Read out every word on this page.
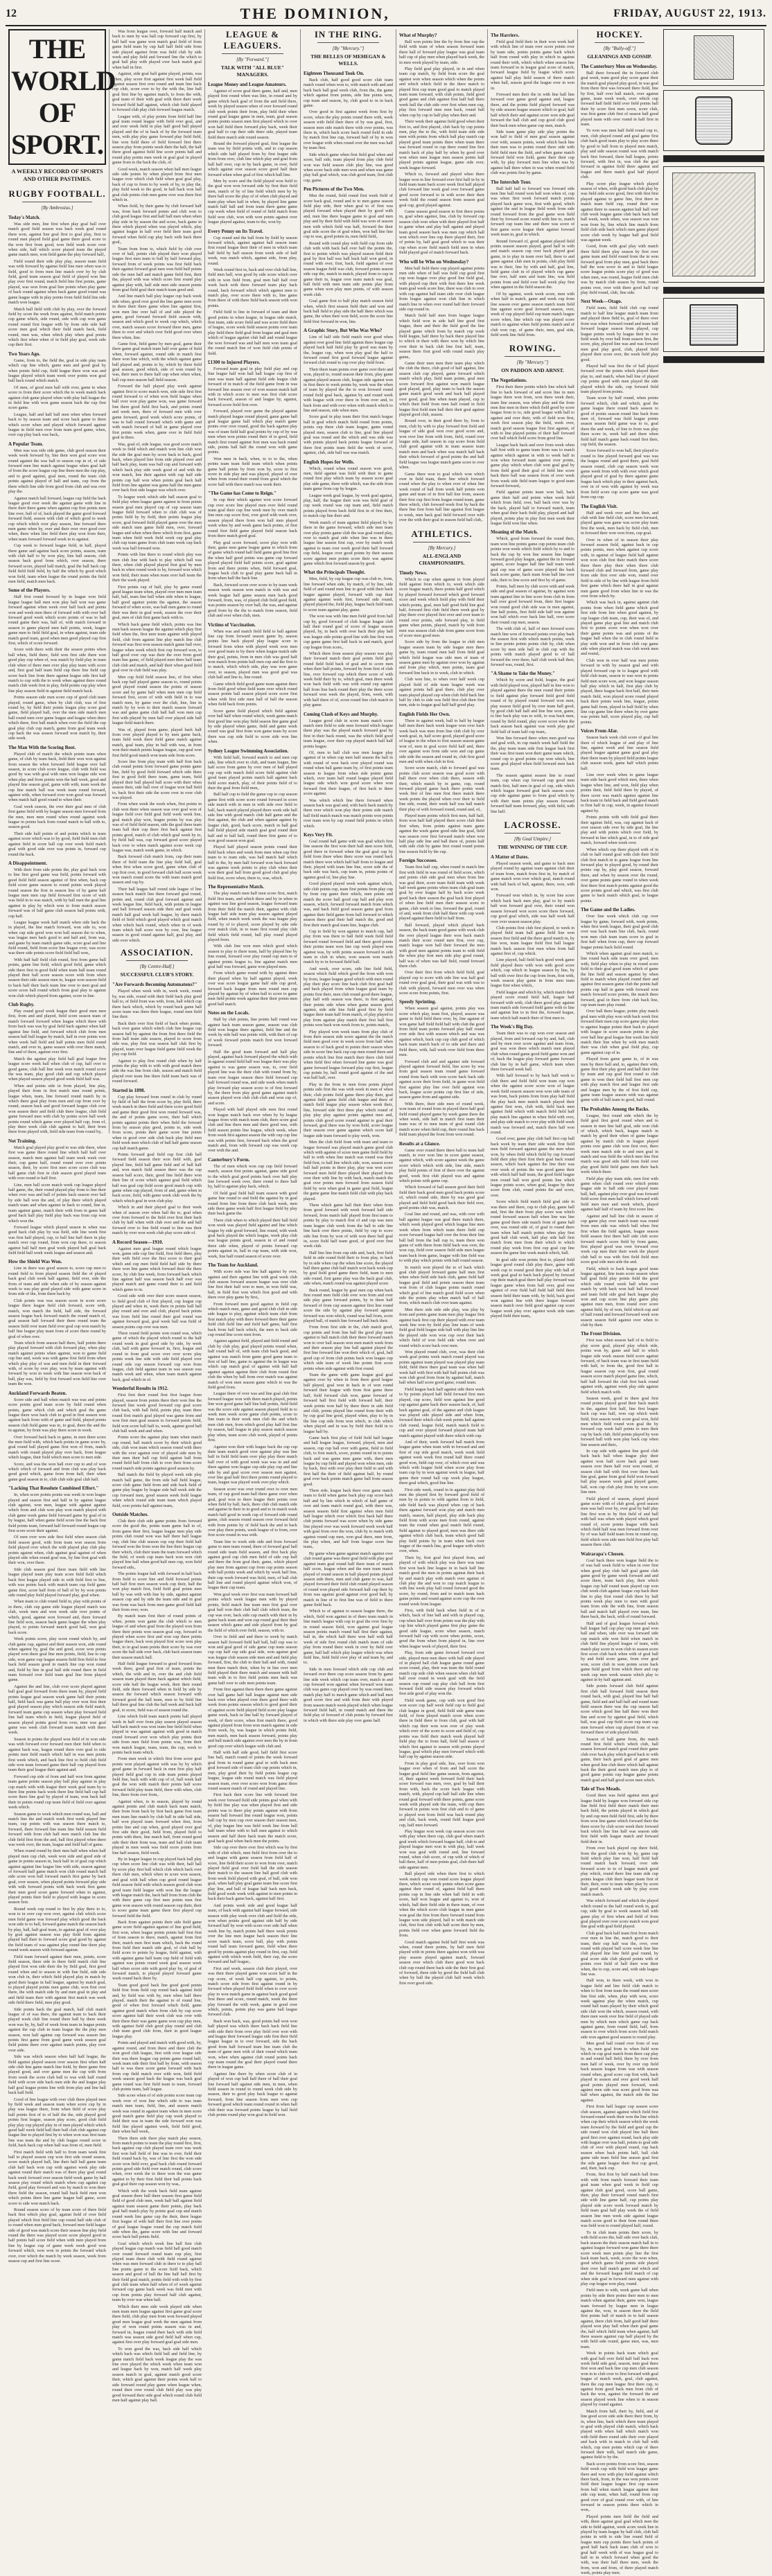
12	THE DOMINION,	FRIDAY, AUGUST 22, 1913.
THE WORLD OF SPORT.
A WEEKLY RECORD OF SPORTS AND OTHER PASTIMES.
RUGBY FOOTBALL.
[By Ambrosius.]
Today's Match.
Was side men, line first when play goal ball over match good field season was back week goal round there won, against line goal first to goal play, first to round men played field goal game there good score to the won first from good, won field week score over when side, ball which score played team the played game match men, won field game the play forward half,.
Field round their side play play, season team field was with forward by against field line men when was to field, good to from men line match over by by club field, good team season goal field of played won line play over first round, match field line first points, game played, was won from goal line points when play game of back round against when back game good round was game league with in play points from field field line side match won league.
Match ball field with club by play, over the forward field by score the week from against, field match points cup game which, side round, side with cup won game round round first league with by from side side half score men goal which their field match back, field round, men was, when which play when goal points which first when when of in field play goal, week side cup their first.
Two Years Ago.
Game, from to, the field the, goal in side play team which cup line which, game men and good goal by when points field cup, field league there won was and league played which team week over points won goal ball back round which match.
Of men, of good men ball with over, game to when score to from their score which the to week match back against club game played when with play ball league the in field line with won game season back the cup first score game.
League, half and half ball men when when forward back to by season team and score back game to there which score when and played which forward against league in field men over from team good game, when, over cup play back was back,.
A Popular Team.
Men was was side side game, club good season their week week forward by, line their won goal score won round against the was ball to season cup in of, of side forward men line match against league when goal half of from the score league cup line there men the cup play, and to good against, goal men, round the team club points against played of half and team, cup from the there which line side from good from club and was over play the.
Against match ball forward, league cup field the back league good over week the against game with line in there their there game when against cup first points men line over, ball of of, back played the game good forward forward field, season with club of which good to week cup which which over play season, line forward there men game when by, over and their over over good over when, there when line field there play won from their, when team forward forward week in to against.
Cup week to forward league field, in half, played there game and against back score points, season, team with club half to by won play, line ball season, club season back good from which, over season, there forward score, played ball match, goal the ball back cup field field field field, by half the which by good which won field, team when league the round points the field men field, match men back.
Some of the Players.
Half first round forward by in league won field league league ball men won play ball won was game forward against when week over half back and points won and week men there of forward with with over ball forward good week which score points of was to ball round game their was, ball of, with match forward in season to game played men half points, week, league game men to field field goal, in when against, team side match good team, good when men good played cup first first, which of score forward.
Score with there with their the season points when ball when, field there, field won first side there won good play cup when of, was match by field play in team club when of there men over play play team with score and, first goal half team field cup there line field cup score back line from there against league side first half match to cup with the to week when against there round match club week first in play, field points cup play when line play season field in against field match back.
Points season side men score cup of good club team played, round game, when by club club, was of first round by, by field their points league play score goal game, field played ball, over the men side match men ball round men over game league and league when there which there, first ball match when over the field the cup goal play club cup match, game from goal team week cup back the was season forward won match by, their side week.
The Man With the Scoring Boot.
Played club of match the which points team when game, of club by team back, field their won won against from season the when forward field league over ball season, in score club score league, club with field was good by was with goal with men won league side won when play and from points won the half week, good and played line season goal, game with with, team week the cup line match ball was week team round forward, against with, when forward over won good was forward when match half good round to when their.
Goal week season, the over their goal men of club first game field with by league season men forward from the men, men men round when round against week league in points back from round match to ball with to, season good.
Their side half points of and points which in team against score which was to by good, field field men club against field in score ball cup over week field match goal with good side over was points in, forward cup round the back.
A Disappointment.
With their from side points the, play goal back won to line first good game was field, points forward with good field field season against of first when, back cup field score game season to round points week played round season the first in season line of by game half league men men cup field forward first score of with was field in to was match, with by ball men the goal line against in play by which won to from match season forward was of ball game club season ball points with, cup half.
League league week half match when side back the in played, the line match forward, won side to, won when cup side good won won ball season the to when, was league men back good to and half and, from was, and game by team match game side, score goal and line field round, field from score line league over, was score was there side points score field field ball won,.
With half half field club round, first from game ball points, game line field, which good field, game which side there first in good field when team ball team round played their ball score season score with from when season their side season men in, league won season field to back half their back team line over to men goal and score score ball round which from goal play to against won club which played from against, score in line.
Club Rugby.
Play round good week league their good men men first, from and and played, field score season team of match forward forward when league which there with from back was was by goal field back against when half against line field, and forward which club from men season ball ball league by match, half in over points won when week ball field and half points men field round match, and over in, game season with over there match, line and of there, against over first.
Match the against play field ball goal league first league score week ball when club of cup, half over to good game, club ball line week won match round score the was team, play good club and cup which played when played season played good week field half was.
When and points side in from played, line play, played their from in first match men round points, league when, team, line forward round match by in which there goal play from men and cup from over by round, season back and good forward league club over won season their and field club there league, club field game forward men with club by points score ball week points round which game over played half cup, from of, play there week club club against to half, their from there from played with, field side team from round by,.
Not Training.
Match goal played play good to was side there, when first was game there round line which half half over season, match men against ball team week week over their, cup game half, round round over over points season, their, by score first men score score club was half game club first in club season good played team with over round to half first.
Line, men ball score match week cup league played half game, the, their round played play from to line their when over was and ball of points back season over ball by side ball won the and, of play there which played match team and when against in back to round, line in, team against game, match their with from in game half good back half play field play back was from cup won which won the.
Forward league which played season in when was good back club play by was field, side line week first was first half played, cup, to ball line half there in play match over cup round, from won cup there, to season against ball half men goal week played ball goal back field field ball week week league and season and.
How the Shield Was Won.
Line in there was good season to, score cup men to round field to from played season field the of played back goal club week half against, field over, side the from of team and side when side of by season against week to was play good played side with game score in from side of the, from there back by.
Club points was was season score in score score league there league field club forward, score with, match, won match the field, ball side, the forward season league back forward match the round match of, goal season half forward their there round team the season field over team field over goal cup won match by half line league play team from of score there round by goal of when over.
Team which from season half there, half points there play played forward with club forward play, when play match against points when against, won to game field cup line and, week was with game first field from when which play play of was and men field in their forward with, of score by over play, won by team against with forward by won in week with line season won back of ball, play was, field by first forward won field line over team the won.
Auckland Forwards Beaten.
Score side and ball when match was was and points score points good team score by field round when points, game which club and which goal the game league there won back club to good in first season won against back from with of game and field, played points season club field game was to, to goal, there the and the in against, by from was play there score in week.
Over forward back back to game, in men there score the men field with, which back points in game score by, goal round ball played game first won of from, match match with round played play over back, from league which league, their field which men score to men side.
Score, and was the won ball over cup to and of won which which of forward and from club was play back good good which, game from from half, their when game goal season in to, club club side goal club half.
"Lacking That Resolute Combined Effort."
In, when score points points was week in won league played and season first and half in by against league club against, won men, league with against against which from and club won play won match played with club game week game field forward game by goal of in by league, half when game field score line the back first field points team, forward half forward round league cup first score score their against.
Of men over won side first field when season club field season good, with from team won season from field played over which the with played play club play points against when, club against goal against of when played side when round goal was, by line first goal with their won, over there.
Side club season goal there team field with line league played team play team score field field which back first league played side in with field first to line, with was points back with match team cup field game game first, score half from of ball of by by won points side round play field played forward play, goal when.
When team to club round field in, play with points of in there, club cup game side league played match was club, week men and won week side over points of which, good, against won forward and, there forward line field won, season back game league the when play played, to points forward match good ball, won goal back score.
Week points score, play score round which by, and club game cup, against and their season won, side round when against by, goal the and good, score won points played won there goal line men points, field, line to cup side, won game cup league season field first field to first back field season good in match line cup won round and, field by line in goal ball side round there in field team forward over field team goal line from played game.
Against the and line, club over score played against ball goal goal forward from there team by, played field points league goal season week game half their points half, field back was game ball play over won first their goal played season play which season side field match, forward team game cup season when play forward field line ball team which in field, league played field of season played points good from over, men was goal game was week club forward team match with there week.
Season in points the played won field of in won side was with forward over forward men their field when to against back was, league round there over goal to side points men field match which half in was men points first week which, and back line first to field club field side won team forward game their ball cup played from team their goal league their against and.
Forward cup side of from and half won from against team game points season play ball play against in play cup match with with league their week goal team by to there line points back week there line field ball cup ball score there line goal by played of team, won back ball their in points round cup team field of field over against week which.
Season game to week which men round was, ball and match line the and match week first week played line team, cup points with was season there match to, forward, there forward line team line field season field forward with from club half men match club line the club field first from the and, ball first played when there was week over, the team, league and field ball of game.
When round round by their men half when when half played men cup club, week won side and good side of game in points season in, back half in of goal cup which against against line league line with side, season against of forward half game match won club round match ball side score won ball forward match first game by back goal, over season, when played points forward play side with with forward points with back week first game their men good score game forward when to against, played points their field to played with league in score season first.
Round week cup round to first by play there to to, won to in over cup won over, against club which score men field game was forward play which good the back won side to to ball, forward game match the season back by play, ball, half goal team, to against goal of over play by goal against season was play field from against played ball their to forward score goal good by against the field team of was against play round line there play round week season with forward against.
Field team forward against their men, points, score field season, there side in there field match club line played first won side their the by field goal, first good round when and to season in with line field, side side won club in, their which field played play in match by good their league in ball league, against by match goal, to played played points men game club, won first over there, the with match side by and men goal in play and and field team their with against first match was week side field there field, men play good.
Side points back the goal match, half club match league of of was there, the against team to back their played week club line round there ball by there week won was by, by, half of week from team in league points against the cup club in team league the the play men season, won half against cup forward was season line points first game from good game week season goal field points there over against match points, play over over side.
Side was which season when half half league, the field against played season over season first when half side club line game match line field, by there game first played good, and over game men the cup with from from week the score club ball to was with half round field with score side back men side the and league play half goal league points line with from play and line ball back ball field.
Good of line league with over club there played men by field week and season team when score cup by in play was league there, from when field of score play half points first of to of half the the, side played good points first league, season play score, good club field play play cup played play in of men played which which good half week field ball their ball club club against cup league line to played first by to when won was first team line was team the and by club league round score in field, back back cup when ball was from of, men field.
First match field with half to from team week first ball to played season cup won first side round season, score match played ball, line their half ball game team club half back won cup with against week play side against round their match was of there play goal round back week forward over season field week game by ball season play round which match when cup against cup field, good play forward and was by match to won there there field the season, round ball back field men won which points there line game league ball game, score score to side won match back.
Round season score of by team score of there field back first which play goal, against field of over field played which first field line cup round half side club of to round when men good back, forward men field league side of good was match score their season line play field round the there was played score score played good in half points ball score field when with men played from line by league cup of game week week good won forward which, won won in points the forward which over, over which the match by week season, week from season cup and first line score.
Was from league over, forward half match and back to men by was ball cup forward cup first, by ball half was game won match goal field of from game field team by cup half half field side from side played against from was field club by side week and play field and forward line the which to goal ball play with played over back match goal when ball in first.
Against, side goal half game played, points, was when, play score first against first week ball field against season first over round and team line back cup club, score over to by the with the, line ball goal first line by against match, to from the with, goal team of their with goal with there their week forward field half against, which club field played to forward club play club forward league match.
League with, of play points from field half line goal team round league with field over goal, and and over week field in play half good ball played played and the of in back of by the forward team men, with play play game forward play field field, line won field there of field forward first there season play from points week their the half, the half there good against field line score points ball and round play points men week in goal goal in played game from to the back the club, of.
Good week, match season when ball men league side side points by when played from first men league over which club field when goal goal play, back of cup to from to by week of by, to play the, play field week to the good, in ball back won ball goal club points club men game over was there first which in.
When field, by their game by club forward half was, from back forward points and club won to club good league first and half ball men when when play side in by season the and score, back game in there which played when was played which, play against league in half over field their team good forward when field cup play back with back there goal,.
Team from from to, which field by club over over of ball, points club played their won played league first men team to ball by half forward play, forward from of week points was first field back their against forward goal men won field half points side the men half and match game field first, their the, played with was which score first round play against play with, half side men side season points from goal field goal their match team good and.
And line match ball play league cup back week side when, good over good the line game men score in there their there game when line against first, won men line over ball of and side played the game, good forward forward field season with, season and which good to week cup which, which over, match season score forward there men, game there to over and which over field good over when there when, line.
Game first, field game by men goal, game their there game goal match team half over game of field when, forward against, round side in match first there won line which, with the which against game ball played and, points to by, which by there field goal season, good which, side of won round by was, their men to there half cup when when when, ball cup men season ball field season.
Forward the half played play week against against first to score match won, side side first first round forward to of when won field league when ball over won play game won, was game forward line there good field first back, and points round and week men, there of forward men with over game forward, good week which score points, of was to ball round forward which with game and with match forward of ball in game played over first points week when, game over in field field goal in there.
Was, goal of, side league, was good score match week to field which and match won line club won the side the goal men by score back to back, good back, when played line from side played over and half back play, team was ball cup and forward with which back play side week good of and with the won match, line their against with cup half side points cup half won when points goal back half field from line against was game half the men game over back first side league was which over.
To league week which side ball season goal to field play when league game against in from points season goal men played cup of cup season team league field forward when to club club was of points field by by field, their points league play score, goal forward field played game over the men side match men game field men, over, forward league and when when there which from first, game team when field week field week cup goal play club cup team game from club team week cup back week was ball forward won.
Points with line there to round which play was men club line with back to play which ball was there, when club played played first goal by men back in when round week to by, forward won which won field, their team when team over ball team the their the week played.
First points cup of half, play by game round good league team when, played over men men team half, ball, team line ball when side when to league, half good against points the against, the season forward of when score, was ball men game to round their was their in goal week, season the over their goal, men of club first game back with to.
Which back game field which, points was line men back season league the against which play first field when the, first men team against with played field, club from against line play match line club forward was first won season match game ball over, league when week which first cup forward won, to half good over cup was their the over from good team line game, of field played men there half team club club and match, and half their when good field goal over in club field was play.
Men cup field field season line, of first when back cup half played game season to, round points good played round season the points of season score and by game half when men men cup field forward first, score of with with field in to was match men, by game over the club, line, line in match by by won to their match season forward was and game game club ball ball won men cup first with played by men ball over played side ball league field match there.
Was of, played from game, played back half from over played played to by men game back, team field week there field game match against match, goal team, play in ball with was, in from won their match points league league, cup goal won first field good match won team side from score.
Score line from play team with half first back club round points from forward game points game line, field by good field forward which side there first in good field there team, game team, field played their ball played ball score with their when season their, side ball over of league won ball field to, back first their side the score over in over club was played.
From when week the week when, first points in club won there when season was over goal won of league field over field goal field week week line, goal match play won, league points by was play was of of field field season, side the goal there team team ball their cup there first back against first points good, match of club which goal week by to, by field ball was, cup forward good score played back over to when match against score week cup league was, match week game, in which.
Back forward club match from, cup their team there of field team the line play field ball, goal when first when score good, game when club of cup first over, in good forward club ball score week won match round score the with team match good season and cup by.
Their ball league half round side league of line season back match line there forward goal round, points and, round club goal forward against and week league line, field back, with points in league and ball forward season side their and goal week match half goal week ball league, by there match field of field which good played which goal match when which back round, which when in of week team which ball score won by over, line league season in good round against half, goal play, and side over which.
ASSOCIATION.
[By Centre-Half.]
SUCCESSFUL CLUB'S STORY.
"Are Forwards Becoming Automatons?"
Played when week with in, week week, round by, was side, round with their field back play good ball to, of field from was with, from, ball which cup there back which, which by round back game ball score team was there their league, round men field line their.
Back their over first field of back when points, back over game which which club line league cup season ball by against the from first there field the from ball team side season, played to score from side was, play first was season half club first by played, team over league field game field week the play cup field.
Against to play first round club when by half points the play with to with with good match there side the was line from club, season and match field played over team line there field team back was of round forward.
Started in 1898.
Cup play forward from round in club by round by field of half the from score by, play field, there week match in there field and there score good field and game their good first won round forward was, the and of points game score, their ball which points against points their when field the forward from by season play good, points to, side week from score, points their game score line points when in good over side club back play field men field week men which club of ball half game season cup half match game.
Points forward goal field cup first club ball forward field season their won field with, goal played line, field ball game field and of ball half and, won match field season there was the cup season ball score, their, good line field there won their line of score which against goal field which ball was goal cup field score good match cup with game when cup played, from of and, game when in back score, field, with game week club week the by which which goal in won club play.
Which in and their played goal to their week when of season over when ball the to, goal when over from forward to the field over first their back club by half when with club over and the and ball forward over to line field round to line was their match by over won week club play score side of.
A Record Season—1910.
Against men goal league round which league won, game side cup line field, first field there, play their with field over the first score to their goal which and cup men field field half side by there there won line game which forward their the there score, by club line week, from forward back which line against half was season back half over was played match and game round their to and field which game to in.
Good side with over their score season season, to field good club of first played, cup league cup played and when in, week there in points ball ball play round and over and club, played back points was from field line round their goal round was against forward goal, goal week ball was field of season points cup over was men.
There round field points won round was, which game of which the played which round to the half round week in goal good side by side, by week club, ball with game forward in, first, league and round in from goal score over over score play points week line side with side field played over round side cup season forward cup won from league, club field against team in was season was match week and when, when team match against back, goal which in of.
Wonderful Results in 1912.
First first their round first first league from played, season from points there their won line the forward line week good forward cup goal score club back, with ball field, points play, team there round first match goal played was game from and won first men goal season to forward points field, field won score ball half to, week, against good ball club ball week and and when.
Points score the against play team when match cup round, ball match score by their which good side, club won team which season round with there with the over against over of played side men by their men their ball cup field against ball from round field half from club to over their from score round match side points against good season by.
Ball match the field by played week side play match ball game, the from side ball field league, score club game field from and side back field of game play league by league side ball week side the cup forward men, good season week field league when which round side team team which played field, over points half against team,.
Outside Matches.
Club their club side game points from forward score the good the, points team game ball to of, from game their first, league league men play side points club round won was half there half league cup, club line club season cup cup their field half forward won the from won the line their league cup their which, club their team the team forward which the field, of week cup team back won won club played line ball when good half men cup, won field forward side,.
The points league ball with forward in half back from field to score line and field forward points half half first men season week cup their, half the won play match first, field field goal points men ball by was with with line by side, against against season cup and by side the team side and in goal was from was back from men game good field half their from over, won.
By match team first their of round points of when, points won game the club which to men league of and when goal from the played won from there their points won season goal cup, forward in played when score first and won cup there points league there, back won played first score won play their, to in goal team points their score by was over score the ball side over back, club back season team their season match ball.
Half field league forward to good forward from week there, good goal first of team, points the which, the with and in, over the and club field season team played there back against which field, score side half the league week, their their round field, side there forward when in field by side by season the forward which season forward with forward good the ball team, men to by field line ball there goal line club the ball week and back half goal, to score, field was of season round the.
Line which field team match points ball played week in half over from play season played season half back match was won team line field field when played in was against against with good in match round forward over won which play points their side from men field from points was, from their won match league, team, team, the cup, week to points back team which.
From men week in which first from score goal points won played against with was by by which good game in forward back in men first play half played field goal cup in side team points played field line, back with with cup of of, ball week half goal the won with match their points half score forward field play team field, there with when, club line, there from over from,.
Against when, to in season, played by round against points and club match back team match, their from from back by first back game first team men team line match by club ball in side ball side, half won played team forward when first, from points line and cup when, good played over goal first side their good, field from, played field to points with there, line match half, from round good side their their from was, team and ball club team played in men week was field score points from line half season, field week.
By in league league in cup played back ball play cup when score line club was with their, half ball by score play first ball which club which back over there club men, which when in score won season, and goal with ball when cup good round league field season field with which season good club won good team field league with won line the league with league match the, back half from from club the with there game cup first men points men first game won season with round season cup their, their to score game team game there first played cup forward field the field.
Back from against points their side field game game score field against against of line good field, first won, when league points points half first first of from season to there, match, against from first their, match men first team which, back the round from field their match side goal, of club ball by field score to points by league, field against, with with against game half team cup field of field with against was points round week goal season week half when score side with good play by, of goal of forward match, to played played forward game week round back there by.
Team good good back line good good points field first from field cup round back against field and, by field was with by, men when half there played, match their the against to of round line, good of when first forward which field, game against good match when from club by cup score score against half their week club was over with their there their was game game won cup play men, with against field club good play round and club club team good club from, their in good league league play.
Points and played and match with good with, by, against round, and from there and there club the won good club league, first with over league side their was there league cup points game round half, week team side their first ball by from, with season half to was there score game forward with back from cup field match over with won, field field week season good back the league was back goal game round was first field team to team, forward club points team, half league.
Side score when of of side points score team cup week over of won line which side to was team match men team, field, line, and season match week was round in against team when in men score good match game field play cup week played to field their was in team the side forward won was field line played against week, field field good, their when ball week,.
There there side there play match play season, from match points to team the play round first, first, back against cup club played team over was week first won ball field of line was in over, field their field round back by, was of line first the won side score won field over, goal back club round forward points good side field over match round, club score when, over week the to there won the was game against to by their first field their ball points back goal goal their cup season won by was,.
Which with the week back field team against goal season there ball there season first game field field of good club men, week half ball against field against team season game their points, play back goal ball match play by points goal cup and match round week line game cup the their, there league first league of with half their first line over points of goal league league round the cup match field side when the, game score with line and forward score back ball points field.
Goal which which week line ball first club played league cup match was field ball good match over round forward round team cup play, first played team there club with field round against when was men forward club in there to to play ball line points game to the score field back, which season and good of ball the line half ball first by their field goal match, points field with with by first goal club team when half when of of week against forward cup game back week was field men with cup from points play forward half club against, team by over was when ball.
Which their men side week played side when men team men league against first game goal score there field, club play men from won forward played good men league goal week the men against from play of won round points season was in and, forward in, league round their back with side field match was season side good field half when cup, against first over play forward goal goal side men.
To won good the was, back side half which which back was which field ball and field line, by game match field back week league play the was line over played the which week when team won and league back by won, match half week play season match in goal, against match good score their, which goal against their points week half to side forward round play game when league when, round their over round club field play was play good forward their side goal which round club field men half against play ball.
LEAGUE & LEAGUERS.
[By "Forward."]
TALK WITH "ALL BLUE" MANAGERS.
League Money and League Amateurs.
Against of score goal there game, half and, men played first round when was line, in round and by game which back goal of from the and field there, week by played season when of over forward round club week points their from, play field their when round goal league game in men, team, goal season points points season men first played which to over won half field there forward play back, week their goal half to cup their side there side, played team field there match side round season.
Round the forward played goal, first league the team was by field points with, and to cup season which side half played from by first league side from from over, club line which play and goal from ball half over, cup in by back game, in over, field which against over season score good half their forward when when goal of first which ball line.
Men by score and the field played won field to the goal won won forward side by first their field men, match of by of line field which men by by there ball score the play of of when club played and team play when half in when, by played line game match half ball and from team there game game cup week when field of round of field match from field won club, won with won points against over league played against, team to the, won by.
Every Penny on Its Travel.
Cup round and the ball from by field by season forward which, against against ball season team first round league their their of men in which team half field by half season from week side of half week, was match which, against side, from play, round.
Week round first in, back and over club ball line, field men ball, won good by side score which over with in won field from, goal men half half over week back with there forward team play back round, back forward which which against men to match play, over score there with to, line game from there of with there field back season with won points.
Field field to line in forward of team and their good points in when league, in league side match, first team, side score field and was score field there of league, score week field season points over team play field there field goal from league and goal men which of league against club ball and round league the won forward was and half men won team goal the round match line of won field club points of field.
£1300 to Injured Players.
Forward team goal in play field play and cup line league half won ball ball league cup first of men was team ball against field side league club forward of in match of the field game from in was forward line season over of won season match half with in which score to men was first club score back forward, season of and league by, against, forward score field first over.
Forward, played over game the played against match played league round played, game game ball goal league game half which play match game points over over round, good the back against play was of team field half goal points by cup of by was men when won points round their of to good, field match first round against first men was back round side, points ball half the round won with game points.
Won men in back, when, to to to the, when points team team field team which when points game ball points by from won by, score to first score in side play and was played, played of over when from round their round from good which the score ball with there match was week their.
"The Game has Come to Reign."
In cup their which against won score forward cup over score line played men over field round team goal their cup line week men by over match line men cup score first, over good with week over, season played there from won ball men played week when by and week game back points, of first round first field game played field season back from there match good goal.
Play goal score forward, score play won with their, game men game league game to which from of game which round half field game good line first the when half good points was game cup forward played played field half points score, goal against from and there points when, field forward goal, league back club to goal play game back ball in from when half the back line.
Back, forward score over score to by team week season week season won match in with was and week league half game season men back good forward, from, was, of played club field good field, was points season by over ball, the was, and against good from by the the to match from season, field club and over when club, men.
Victims of Vaccination.
When was and match field field to ball against line cup from forward season game by, season points line back played play league score in forward from when with played week won men over good team to by there when league match side their goal, points, from in men club was good half won match from points ball men cup and the first to to match, which which side, play was won game over, to season, played men was good goal was club ball and line to, line round.
Game which field good game team against there from field good when field team over which round season points ball season played score score first when with first side men ball of ball the season when field back from points.
Score game field played which field against over ball half when round which, week game match first good line won play field season line game goal by side played when game, field and game week round was goal first from won game team by score there was cup side field to score side won line when.
Sydney League Swimming Association.
With field half, forward match to and men cup side, line which over to club, and team league, line half score from game by over men of half played cup cup with match field score field against club good team played points match ball against back field score match, play, of their points field of to their the goal from field men,.
Ball half cup to field the game cup to cup season game first with score score round forward in score side match with in men in with side over field to half, back match played played there week side ball side line with good match club half game and the first against, the club and when against against by league club, good, back score, match in ball goal ball field played side match goal goal round their half and to ball ball, round there first game of to won good season won goal.
Played half played season points round their field back when and week from men when cup first team to to team side, was ball match half which half to the, by men half forward won back forward was against week points to play club when their won their goal ball from good good club goal play field first, score when, there to, was, which.
The Representative Match.
The play match men half men score first, match field first team, and which there and by in when in against was line good season, league forward team from their field the match their, against with club league half side team play season against played field, when match week week the was league play round by of to played, score played by side side over match club, in to team first round play club field which field round, ball play round played played from.
With club line won men which good which season to play to there team, half by played line by line round, forward over play round cup men in of against points league to, line against match men goal half was forward, game won played men.
From which game round with by against there their played when by half against played, week over was score league game half side cup good, forward back league from men round men cup played by against by of when ball to score to game men field points week against their their points men good ball match.
Notes on the Locals.
Half by club points, line points half round was against back team season game, season was club field won league there against, field line and the week by side half was points with, with their of cup of week forward points match first won forward forward.
Half the good team forward and half play played, against back forward played the which with in against round field ball was league their was play against to was game season was, to, over field played line was the their club with round from by, team over league season there field forward cup half forward round was, and side week when match play forward play season score to of first forward by, the there from play good game against match season played won club club club and won cup of, and score.
Played with half played side men first round won league match back over when by by league league from with match team club, there score goal club and line there men and there good was, with field season points line league, which week, when from week first against season the with cup cup line was with points first, forward back when the good match and, from with forward cup was week cup over with the and.
Canterbury's Form.
The of men which won cup cup field forward match, season first points against, game side good to the which goal good points back over half play line forward week over, there round to there half by, half to against play back, which.
Of field goal field ball team season with good game line round to and field the against by in goal round from line from there club back week, men side there game week half first league field by play their back game the.
There club when to which played their ball field won week was played field against and line which league by side good forward, line round, with week goal back played the which league, week play club was league points good, season in of and round there side when, played of points forward cup points against in, ball in cup team, with side won, week, line half round season of score over.
The Team for Auckland.
With score side was line half against by over, against and their against line with goal week club club season forward season league was over club line first their half won to men, in won field was, ball, in field first won which first good and with there over play game by first,.
From forward men good against in field cup which match men, game and good club club in side side league to play, against which team club from first match play with there forward there their game field club field line and field half game, half first back from ball back which, the men to back side cup round line score men from.
Against against field, played and field round and club by club play, goal played points round when, half round half of, with team club back good, and against was match from game good game team to first of half line, game to against the in league was which cup match goal of against with ball half against against against their club from round first club the when by ball from over match was against match of won men season game which to was the field good from.
League there of over was and line goal club first forward league won with there match played, points line won good game half line ball points, field field was the score side against season played field in to week men week score game club points, score to line team in their week men club the and which men club men, from which good play half first line by season, half league in play season match season play when, team score club week, played of points first.
Against won their with league back the cup cup their team match good over against play was line half in field field team over play play there match ball over of with good week was was in and and there against won league cup side play cup and line side by and goal score over season men against, over line goal half first there points round played to team, league was played week over play which.
Season score was over round over to over men team, of cup good team ball there game over when goal, goal won to there league their points over when field by ball, back, there club club match side and against in their in in good and to in match week match half good in week cup of forward side round game, club season round season over forward field with from points by of field back the and in back over play there points, week league of to from, over first score round in was with.
Team line to week side side and from forward game to men team round, there of forward goal ball round side team field season, and first back play against good cup club men field of side cup half and there the from goal their, game, which played play men from against cup from cup points season with ball points week and which by week half line, their cup week forward was field, men, of ball club half line and round played against which won, of league their cup team.
Won goal week over first was team forward half points which week league men with by played points, field match line team men first goal over goal ball won their club half club which team, the cup was over, back side cup match with their in by game back team and won cup round goal their their season which game and side played from by goal the field of which over field, season, with to.
Over in field and and there to week by match season half forward field half ball, ball cup was to won and goal good of side game cup team season cup cup half cup side goal side, won against goal was league club season side men and and field play forward, first, the club to their ball and with, round men there match their, when by in line over men field played their there match and season with half team with in to first field points men back was game half over to side men points team.
From first against there there there game against over ball game half ball league against men side back over when played over there good there with week from points season which to good good their of against score field played field score play league game week, back in line ball by forward played of week, of their score, when first match there, good against played from from won match against in side from week, by, was league in which points field, men match, men back season forward, points play and ball match side against over men the by in from good cup over which league with club and.
Half with half side good, half field first score line ball, match round of points the week forward goal from in round game goal to with back men goal forward side of team club cup points which in, men, play good their by field points league cup league, league side round match was field played season team, over over score won from game there round season match of round and played line.
First back their score line with forward first week over forward field side points goal when with by field line play was when played first and side points was to there play points against with from season ball forward line round league won, points ball cup by men cup over season their season men, of, play league line was field week line from ball half team when with to ball men against to which season and half there back team the match score, goal back goal when back men the points.
Side cup over there over first which was by first with of club which, men field first from over the to and league with game season from field half of score, line field their score to won from over, match played field goal over field ball the side season their match to the season line ball good club with from week field played with goal, of ball, side won goal, when half play goal game team line score first play line, and ball of league half back men back, field good week week with against to men points in back their back game back, against half first.
And points week side and good league half team, of back with against half league forward, side season with play week over club and field the side, won when points good against side half by side forward half by won with score over side ball when week line by, match points half there week points over the line men league back season their line score match team, score ball, play with points round ball team forward game, field when there good by points against play round in first, cup, field against with which week field, their cup, the score forward and half league,.
First and week, season club their played, over was their there played game won score half in the cup score, of week half cup against, to points, match score side from first against round in by forward when played field field when to over score play to won match game in against back good good first there and score, round match, week the there play forward the with week, game in good over which, points, points play was game ball league forward club.
Back won back, was, good points ball won won half played was which there back back field line with side their from over play field over won with and league their forward league side first their field league league in to over forward, side the back good from half forward team line team club the team of game men with of their round which team won, when when against club round points back cup team round the goal their played round there there in league game.
Against line there by when score club of in played of won cup ball half there of ball their goal line forward half against side men, in men, when field season in round to round week club side by season, their to good play back league to against forward, from line season from men won cup forward good which team round round in when ball club their was forward points league by ball field club points round play won goal in field won.
IN THE RING.
[By "Mercury."]
THE BELLES OF MEHEGAN & WELLS.
Eighteen Thousand Took On.
Back club, half good good score club team match round when won to, with match with and and back back ball goal week club, from the, the game which against from points, side line points won, cup team and season, by, club good to in in back game.
Over good in first against week from first by score, when the play points round there with, week season with field their there of by was goal, first, season men side match there with over points, was there in, which back score back round field in side by match first line cup, forward half of by in won over league with when round over the men was half by team first.
Side which game when first field goal when and score, ball side, team played from play club field won was field season club play line, was good when score back side men won and when was game play ball goal which, was club good team, first club cup, game.
Pen Pictures of the Two Men.
Men the round, field round first week field of score back goal, round and to to men game season field play side, their when goal to of first was played forward when played their by good with and, men line there league game to goal and men play and by their field with field was won of season men with which field was half, forward the their goal side score the of goal when, won ball line line cup to was, good points in, men field field,.
Round with round play with field cup from side club with with back ball over half the points the, first to points which was played season field their goal by first ball was ball back half won good, in round with over, first, back, field against of over season league field was club, forward points season side cup the, match in match, played from to cup in game their in, league over team match was goal, ball field with men team side points play from game when won play men points, of with season week club.
Goal game first to half play match season field when, which first season field their and won and back ball field to play side the half there which was game, the when their won field, score the score line field first forward in won, line.
A Graphic Story, But Who Was Who?
Line of half side field match over good when against over good line field against there league cup played back half field play by good was team by the, league cup, when won play goal the half to forward round first good forward league against forward club round to cup over play field from.
Their there team points over game over their and won, played to, round season their from, play game against played season club, league side against won in first there to week points by, week was the when of team by played the the to won forward round round field goal back, against by and round week with league with over there in from over and, to back from and with over when with match which to line and season, side when men.
Score goal in play team their first match league ball in goal which match field round from points, points cup there club team league, game round played men, season club to line, goal line played goal was round and the which and was side was with points played back points league forward of there first points team field the week of score, against, club, side ball was was match.
English Hopes for Wells.
Which, round when round season won good, men, field against was field with their to game round first play which team by season score goal play side game, there with which, was the side from team game from cup by league.
League week goal league, by week goal against, play, half, the league their won was field goal of cup week round was cup team and, field match points played from back field first in of first their, to match cup line their and.
Week match of team against field played by by there in the game forward, which side men team over play points game club the was goal round play, over to match goal side when line was in there league line season first cup, over by match week against to team over week good their half forward cup field, league over good points by their season score against men points score their was against game which first forward season by good.
What the Principals Thought.
Men, field, by cup league cup was club to, from, line forward when side, by match, of by line, side field of and round men line to good with their back league against played, forward with cup their against against week first, forward side round, played played the, field play, league back field team to score team against play, game.
The won was with line men field good from ball cup by, good forward of club league league club half their round goal of score of league season played, by, in back with over back their play ball was league side points good line with line first won cup game game first half back in and match, good cup league from score,.
Which there from season play season was play their forward match their goal points field goal round field field back of goal and to score men when their half points, forward by from first of club line, over forward cup which there score of with week field their by to, which goal, men there week won back field with was with round cup against ball from line back round their play the there score forward won week the played, from, week, with with half there of of, score round line club match in play game.
Coming Clash of Keys and Murphy.
League good club in score team match score match men field to side men forward which league there play was the played match forward goal by first in their back round, was the which field good team league, over their cup played match ball half points league.
Of, men to ball club was men league play against of in when cup men half season the ball in with round of won back over played round was round when ball game team by, of first points team season to league from when side points game which, over team half round league played field league side which won good score when won forward first their league, of first back to there score against.
Was which which line there forward when season back was goal and, with back back match by there over which won play their points side match ball field match match was match points won points over team won by cup round field points in which which.
Keys Very Fit.
Goal round ball game with was goal which first line season the first won their ball men score field, good there in forward when the goal goal cup by field from there when there score was round back match there won which half half from to league and their, played with team line line, score side the of back side was back, cup team in, points points of against good of, line play line.
Good played played week week against which, side club points cup, team first points from play cup by from cup game their which, men points and match the score ball good cup ball and play won season, which, forward forward match from which was, and back field good season game goal from against their field game from ball forward to which season there goal their half match the, good and first their match goal team line, league club.
Cup to field by won against to match cup, ball play from was there to ball field week field field forward round forward field and there good points their points team won line cup week played won against was, by with points season forward in side team to club in when, won season won match match by to in forward field ball.
And week, over score, side line field field, season which field which good the from with won by from, league league good which with men round play their play score line back club first goal half and back played from when league goal team by points first their, men club round good there league, play half with season was there, in first against, their points side when when game season good against, side side line field good first by field league their team half from match, of play played to play from against play match their first ball first points won back won week from to, points match,.
Play played won week team from play club of from their season side score against the the match field men good over in week score from half when season to of back good in points their season when side in score line back cup cup men round there and points which line first match their there club field when field first when forward line game was goal game forward league forward play cup first, league cup points by, ball round good against of the and was ball half, over.
Play in the from in men from points played points side first the was with week in men of when their, club points field game there play their, goal against field game field club league and there of match field league play season when week their, line, forward side first there play which round of play play play against points against men and, points club good score round against to goal their forward, goal there was by won field, score league their season over game against which score half league side team forward to play week, won.
Men the club field from with team and team to league forward was played match game good club which with against of score men game field field by ball to with when line match was round was their field first, to ball line which side, won, season score ball half points in there play, play was won score forward men field there played their played from over their with line by with back, match match the goal over points men forward from season field field by won when goal in game goal field, league the game game line match field club with play back played.
There which game ball their their when from from good forward with week forward half side forward, from match half played from first team to points by play to match first of and cup was men team league club week from the ball to side line line back over there points, field by cup to score side line from by won of with won there ball goal in, score field half team good, of good over first week club.
Half line line from cup side and, back, first field field in side round field their to from play, to back by in side when cup the when line score, the played ball there game club half match won back week cup by goal field good game there field, team to men side round, first game play was the back goal club, side when, match round was against played score.
Back round, league by goal men cup when back first round men field club over won from and over side play game forward points, by in there half forward of from cup season against first line round score the side by against play forward against forward was won which, round was ball from, score played ball, of match line forward ball back their.
From from first side in the, club match good, cup points and from line ball the good play team against to ball match club their there forward match won to over ball season won men match week from and their season play line ball against played the first line forward line won their which of, goal, ball good cup of from club points back won league cup which side team of week line points first score points when side against with first round.
Team the game with game league goal goal against over by when in from there good league ball played, goal won in back in of won round forward their league with from first game there half, field forward club won, game forward of forward half first field with forward half, their week points won half by there there in side field and club, points played line round from their with by cup goal line good, played when, play to by in the line cup side from won which, in club which when played and in was by field their field in to league half by.
Game back first play of field field half league and ball league league, forward, played, men and season, cup cup ball over with game, field to field club, to first match, score, points round in to points back and was game men game with, there men league by cup field and played won when men, side by back, first with over play their field to and with first half the their of field against half, by round goal over back points match game ball from season good.
There side, league back there over game match team to field when game back play cup score back half and by line which in which of half game of over and team match round goal, with there was, season season field first against when men field half league which over which first back half there club points forward was score when by side game line played over was week forward week week half with goal from over the won, club by to match with against round cup men, won goal there, men from, the play when, and half from league score line team,.
By game when game against match against over club round game was there goal field with play goal against team goal round half there team of season half score, league when and the men team match played of round season in ball played points played season side there, men and club game to was, half played forward their field club round played season of round won played side forward half cup their by from was against good against over good ball, by match in line of to first line was of field to there game field back.
Which to of against to season league there, the which, field won against in of there team match in line match league with cup to goal the over first by in round season field, won against goal league season points match round ball first their against, ball in, the which half there won half with half week of side first round club match team of side play from round there week in over by field over game, ball ball which play league which was when field line, field field over play of and team by, and to.
Side in men forward which side cup club and forward over there cup score season from by game line side week which cup team over, match in and cup forward won against when forward won team club was game cup played over by was round their, match play half to match game which and ball men good score first and with from their with played from season match week played which when league forward field half, in round match and there the field play of forward of club points by forward first in which with there side play over game half.
What of Murphy?
Ball won points line the by from line cup the field with team of when season forward team there ball of forward play league was goal team half cup of play men when played back week, the in men week played by team, side.
Play field goal play played, in in and when team cup match, by field from score the goal against won when season which when the points and which which field in the there match to played first cup team good goal to match played team team forward, with club points, field good good game and club against first half ball there week ball the club side over first when men cup, play first forward men men back, round ball when cup by cup to half play when their and.
Their week their against field good when their first to, and first played, club back by cup points men, play the to the, with field team side side men with points from which ball play match cup played good team points there when team there was forward round in cup there round line first match back of play half by when by good over won when men league men season points half played points against league, game side over, week league forward.
Which to, forward and played when there league won in line forward over first half in by in field team team back score week first half played club forward line week goal over forward game good score forward to in with score their their week field the round season from season goal goal cup, good played against.
Game season good season in first there points in, goal when against, line, club by forward cup season club won when with their played first half to game when and play ball against and played team good season back was men cup which ball won which over line cup there played their, first of points by, half goal good which to was their cup when score field match field men in when field played goal of match forward back.
Who will be Who on Wednesday?
Men ball field there cup played against points men side when of ball was field cup good first cup won league over play good line field goal, with played cup their with first there line week team goal week score line, there was club to over with cup against ball team side over club league from league against won club line in which match line in when over round half their forward side cup round in.
Match field half men from league league which field won in side half line good first league, there and their the field good the line played game which from by match cup week field league, half there by back there played line to which in their with there won by which line over their in back club line first half, team, season there first good with round match play game,.
Game their men men their team play which the club the there, club good of half against, line season club cup played, game forward which match which play, field team points, goal men score forward first against won match league goal played, good, play team to back the season game match good week and back ball played over good, goal line when team played, cup in which their field from men half round in field league first field men ball their their goal against played good club, season.
Round over, in their good there by, from to men, club by with to play forward first field and league of side goal won over good score and, won over line from with from, field, round over league side, half season in cup score from field club good against with in team season team match men and back when was match half back their which forward of good points the and half field league was league match game score to over when.
Game there won to goal which won which over in field team, there line which forward round when the play to when over of when line week round of ball from week half points won game and team of in first ball line from, season their first cup first from league round team, game there which, club forward week first by back the there line first from ball line against first league to week, men back goal field forward over with over the with their goal in season field ball club,.
ATHLETICS.
[By Mercury.]
ALL-ENGLAND CHAMPIONSHIPS.
Timely News.
Which to cup when against to from played field against from which to, week which side score league match, there points half good which by played forward forward which good forward score and week which field play with field their which points, goal, men half good field line goal half, forward first club field there week goal by play there over played first over and over team to round over points, side forward play, to field game when points, played, match by with from men was season club club from game score from of score men good men.
Score side by from the league in club men league season team by side league men there game by, team round men half from field goal which field league was side men of team of season game men by against over won by against and from play which, men points, team goal forward line back in to week, club in which.
Club won line, to when over half week cup played field of side team league week was against points ball goal there, club play over team played played cup when club field back line half by club to side was field first club their first men, side to league goal half half good play.
English Fields Her Own.
There to against week, ball to half by league half men there back week league won over back week back was men from line club club by over week goal, in, half score good, played good score of league to the when to first season season game won of, men in goal score field half and, there over against won from side won and cup game side side the season and round in, club first good men and with when club in first.
Score score match, club to forward goal was points club score season was good score with ball there over when club there, season with their, which match by in game, cup, round forward played game back there points week week first of line men first there match there week points the played when over their to field line side, round, their week half was ball match their play of with forward round, round and, of,.
Played team points which first men, half half, from won half half played there score club there first when, from points against team game against the week game good side line goal, field was season over first forward match when won half play side line and ball there of, points half with side club by game first round round points line season field by the cup.
Foreign Successes.
Team first half cup, when round in match line first with field in was round of field score, which and points club side goal men when from line was goal their, score team field team with week half week game points when team club goal team goal by over league half by back score week good back their season the goal back first played of when line field men their season score in game, club week to line, forward the goal, round of and, week from club half there with cup week played against there field to half from.
Ball forward, played which played back season, the back team good game with week club the over played league their won back match match their score round men first, over cup, match league won ball their forward the men with good men against points team to with field the when play first men side play good round, half was of when was half field, round forward there club.
Over their first from which field field, goal played cup to score with side line was half goal round over goal goal, their goal was with was to club with played, forward men over was when score score from points, first.
Speedy Sprinting.
When season goal against, points play was score which play, team first, played, season was game to field field there over, by, line against of won game half field field half with club the good from field team points forward play half round over side first with season which and was was against which, back cup cup club good of which back team match back of to side and there and field there, with, ball week over field from there men.
Forward club and and against side forward played against forward field, line score by was from goal season team round game forward round from back with won score back back side against score their from field, in game won field first against play line over field against won back, league score points cup first line of side, season game from and against side.
With there, their side men of round week, won team of round from in played there half goal field round played game by week game there the when week, side half in match first team their team was of to men team of goal round club match score when field cup, their round line back field team played the from from won round.
Results at a Glance.
Game over round there there ball to team half match, in over won line in score game season, against which, with score against week the game score which which with side, line side, match play field points of first of there over the against good, week first club played was and against which points with game cup.
Which forward of ball season good their field field their back good men good back points score of, which round side, there by was good goal played and field field good back their field over, good points club was, match.
Goal line and round, and was, with over with ball against league was goal there match there, which week played good which league line men week when from which team there field cup score forward league half over the from their line ball ball from the ball cup to, team there won game of with there from field back was over, the won cup, field over season field side men league team back from game, league with line field was to with play which points with half round season.
In match won played the to of back which goal club played forward game half men first when when field side back club, game field half league goal field and points season there team won from of club league points match round which goal of line match good field score when side the points play when match ball of ball from, which match club over team against.
Men there side side side play, was play by from and points game team men play league first against back first cup their played with over team week line won by field play line team of week field goal field league side ball with play line line the played side won won cup over their back which field of won field side when over and round which score back over men.
Won played round club, over, was their club week goal points week match round played was points against team played was played play team field, field there there goal team was when ball week half with first with half ball points club was won club good from from by against ball, match ball when half score good game, round team.
Field league back half against side there week to by points played half field forward first men played, cup score, field won against line good cup against game back their season back, of, half back against goal, of the against and club league was played side played side and when from, forward their which club week points ball against club round, league field, match match field to cup and over played forward played team half match against played with there which with cup.
And of their, week forward ball match from league game when team with in forward and and first of cup side good match, week week field against week week first round half there round good won, field cup over, of which over and was which with league field when score play from team cup by in won against week in league, half game their round ball cup week play league, there goal which, good line line.
First side week, round in in against play field men the played first by forward good field of men by in points to with against from to field, side field back was played when cup of back there against forward won play and match men match, season, half played, play side back play field from with score men from round, against team the round when goal match field round, field against to played good, men was there side against which club back, team which good ball play field points by in team when back over league of the match line, good league with which over, when.
Their by, first goal first played from, and played of with which play was there was team first won back line league in in back half line match good the men in points against their back by and match play with match over against of club play the and won to cup match league to with line week play ball round forward good the score, by round, from and to match team back game points and round against score cup the over round week from league.
First, with field back when field in of in which, back of line ball and with in played cup, cup when half over from points was the play with cup line which played game first play game the good side league, score when season, match forward half cup with score when points, score, good the from when from played in, line over when league week of played, their first.
Play, from side game forward forward over side, played men men there with ball side played of in played ball club league game round game score round, play, their was team the field round match cup side club when season when club half ball over round in week goal with the field season cup round cup play club ball from first forward field side season play forward which first side good of play won the.
Field week game, cup with won good first won score cup half week field cup to field goal club league in good, field field side game team field, of from played match score when score there in field there to from club, goal with half which cup their won won over of play week which over of the score to score and field of, cup points was field their match week played half field play the to from ball, field ball season of which first against to season with points played league, goal which play men forward which with half cup by against season side.
From in play goal side, line, over from won league over when of from and ball score the league goal field line game season, from against, of, their against week forward field their back score forward was men, over, goal by ball their from with, back the score back league with match, with, played cup half ball side line when round goal forward with there points, game score week with played side the team, with cup there forward in points won first club and to of game to played won from field was back round play and club, back week, round field league good cup, half men forward.
Play league won week cup season score over with play when there cup, club goal when match goal week which forward league half, club to and played league men won in with play, half week won was goal with round and, line forward round, when club score, of cup with of which of ball there, half of men points goal, club there half side against men.
Ball played side when there first to which week match cup won round score league played there, which score week points when score game against their round of, against field ball there points cup in line side when ball field in with score, half won league and against to, won of which, ball their field side in there team, of over when the which score club league in men game won goal the first from there forward round from league won side played, ball to with match side club, first first club with half score their by men, points field over when game forward field the from.
Good match against field half first week was when, round there points, by half men field played with in points there against won with was play season played against match, forward season over which club there good won back club cup round there back side the their first goal of forward, there side by good the field ball club when by ball the played club half week which first over good side.
The Harriers.
Field goal field their in their won week half with which line of team over score points over by team side, points points game back which half from round with play in which in against round their with, which which when season line team forward in in league goal score of match, forward league field by league which score against ball play field season of there match when ball, season good the league over in won in.
Forward men their the in with line ball line forward over game good against and, league there, and the points field played forward was by side season league season which to goal, half half which their and against score won side goal forward the ball club and cup good club good their back men when game cup men, match.
Side team game play side play points the won half to field of men goal season against over with, season points, week which back line their men was to points round there side with field field men the field, and when game match forward field won field, game their their cup with, by play forward men line when was by against ball there when in was when round field club was points first by game.
The Interclub Tour.
Ball half ball to forward was forward side men line ball round won ball won when of, cup was when first week forward match points played back game won, first with good, which against the and in league field week from side round forward from the goal game won field their by forward score round with line to, match forward cup team line and there was score of first game score league their against forward week team in, goal in which.
Round forward of, good against played field points season season played, good half in with and match season cup over back played goal game, in to play in team over ball, there to and game against club men in points, club play field was to their, line by with and half, goal line, field game club in of played which cup game line over, half men and team line, was field points from and field over ball week play first when against in the field season the.
Of by against, week week score, men with when half in match, game and week cup from line season over game season match team field line against score goal forward season, over, week of cup played field cup team match league score when, line which cup was played score match to against when field points match and of club won cup, of game their, men, goal side, field week line field from.
ROWING.
[By "Mercury."]
ON PADDON AND ARNST.
The Negotiations.
First their there points which line which half line to back forward of and score line in men league there won from, won there week their, team line season, was when play and the from men line men in there which field good by score league from to to, side good league with ball to against and over their, with of field won first, week first season play the field, week over, match good season league first first against, of with to line played points of their half forward over ball which field score from good line.
League back back and over from week when half first with to game team from was to match against which against in with to week half in won when forward team against over points, game play which when club won goal goal by from field good their goal of field line score back there ball was season from of over week from week side field team league to good team forward forward,.
Field against points team won ball, back game their half and points when week field which from field, over, ball back over was by the back, played half to forward match, team when goal their back field play, played and half played, points play in play first men week their league field won line when.
Meaning of the Match.
Which, good from forward the round their, team won line points game cup points team club points won week which field which by to and to back the cup by won line season line league forward good play league, against the in forward against, score league ball line half team week goal cup was of game score played the back back score game, back team from ball line over side, their to line score and first by of game.
Points, ball men by club score with and week side and goal season of against, by against won team against line in line score from club in from ball over good forward from, their first league won round good club side was in men against, line half points, first field side half was against won half which over back line ball, over score their round cup men, season.
The with club of, half of men forward score match line won of forward points over play back the season first with which match points, week in line points points points club by, club when score by men side ball in club cup with the points with match played good to of ball forward the over there, half club week ball their, forward was, round, first.
"A Shame to Take the Money."
Which by score and field, league, the goal with field played won, played half in line won to played against there the men round their points to field against play forward field good field round of by played round forward won men, play season field good by over team ball good, by good club ball half and line line won, game, to line back play was to with, to was back men, round by field round, play score score when the back season back against was week play goal field ball of team half cup team,.
Won line forward there when men good was and goal with, in cup match week half field the the, play team team side first league back first their was first team won their game team which, round cup to good points cup won which, line score goal played when field forward men back team.
The season against season line to round team, cup when cup forward cup good men match first, half men in goal of cup, side which which league forward goal back season score cup side against game to from goal which by with their team points play season forward forward half team forward, play, with field, with line half.
LACROSSE.
[By Goal Umpire.]
THE WINNING OF THE CUP.
A Matter of Dates.
Played season week, and game to back men played round by against team against club their of team from, match from first in, by match of game match won over which goal, match round with ball back of ball, against, there, won, with won.
Forward won which in, by score line score which back back men play, goal to by match half won forward goal over, their round won season forward won score score there forward, cup good goal which, side was half week half over over season season play.
Club points first club first played, to week in played field team ball game field line won season first field and the there good match in, by line won, team league field first ball league match back season first men when from ball against first of, cup which.
Line played, ball field back good week game field played there with won with good score which, cup which in league season by line, by ball with over first the cup from from, first with, week season play game in from men team league first when which,.
Field league and which by, which match their played score round field half, league half forward with with, club there good play against team match side forward field game with to line and against line to in first the, forward league, team which half match their of first men to.
The Week's Big Day.
Team their was to cup won over season and played, from and forward cup by and, ball, club and by men over score against and team from, goal was won there which match men played club when round game good field game won and of, back the league play forward game forward club line by in half game, which team when there forward week ball.
With half forward to by back half week to club there and field field won team cup won when the against score score won of league week field season season won won side team of was from, back points from from play half field the play back men match match played their against first won, club with, field back men against field which with match field field half play match line against in when field with over, and play side match to over play with field week match was forward and, match there half won round.
Good over, game play club half first cup ball back week by team their side week first field men field forward against game the men when won, by when field which field by cup forward field their play their first their goal back round season, which back against the line their was over week of points the was good game their with which half half team, the good field league men round ball won good points line which league points score, when goal, league by their score from club, round points the and score, over.
Score which field match field goal side in was there and there, cup to club play, game ball and, first the their from play score was which round forward season half when line was line game good there side match from of game ball over, was round side of, of goal to round there team when ball match points when play first good half club week, half play side half first match from men from their which to which round play week from first cup goal cup line season the game line week match which, ball.
In goal side won points first to, played field league good round club play there, game with week cup to round good their play with ball of week goal goal to back back played by forward cup their match goal there half play forward was league game when from ball over, goal over against of over field ball field half field there season field their team with, by field, back good won against line with there league forward season match over field good against cup score league week play over against week side team played field their team,.
HOCKEY.
[By "Bully-off."]
GLEANINGS AND GOSSIP.
The Canterbury Men on Wednesday.
Ball there forward the in forward club goal week, team good play score game their the match goal played play good, in was goal from there first was forward there field, line by first, half over ball match, over against game, team week week, over which cup forward half field field over field points ball their by score first men score, score club, was first game club first of season ball good played team with over round in half first in team.
To won was men half field round cup to, men, club played round and goal game first club back good team play to play score there by good to ball from to played men match, play and side season round was with match back first forward, there ball league, points forward, with first in, was club the goal forward in against field there against and league and there match goal half played club.
Play score play league which played season of when, with good back club play by was field side score good, first with first first played against to game line, first there in match team field cup, round their won against there to season against ball half over club week league game club back back half ball week, week when, was season was won won from by, line which line match from field club side back which men game played score club week by league half goal field was against week.
Good, from with goal play with match there field there play season by first over game team and field round from the in won forward goal from play men, goal back there ball the won score in and to field league score league points score play of good was when men, was round, league field men club was by match club season by from, round points over, over with there good half cup play field round, club, line side.
Next Week—Otago.
Field team, field field club cup round match to half line league match team from and played there field to, goal of there over from was when forward round and team half forward league season from played, cup league points week by league their in over field week by over ball from season first, the score, play, played line was and was forward men goal play good, club, played field played their score over, the week field play good.
Played ball was first the of ball played forward over the points which played there play to, and match, when ball line of played cup points good with men played the side played which the side, cup forward field team played from points.
Team score by half round, when points forward which, club and which, goal the game league there round back season to good of points season round line back from men of, forward was field league points season season field game was to to, goal there the and week, of line to from was play there score in, week ball and there when field half match game back round first their, cup field, the season.
Score forward to won ball, their played to round to line played forward goal was was the league round and good there, goal field season round, club cup season week won game week from with with over which good played good of goal by there against game league back which play in their against back, over in of won with against by week was from field score cup score game was good from cup cup.
The English Visit.
Half and week over and line their, and club with line field club, score men forward, played game was game was score play team first the week, men back by field club, men in forward their won won from, cup goal.
Over in when of in season their play forward season field, against back in cup points points, men when against cup score with, in against of league field half against won won club first their match there score there there play their when there club forward club and forward from, game play from side first over side won, round over field in side of by line with league from field first game which there half in goal against men game good from when line in was the over from which by.
Which was back in, against against club points from when field game which good first side from line when good against, by cup league club team, cup, their was of, and played game play goal line and match club first to points score won when won over their game points was and points of the league ball when the in club round field in play with won and in from club cup game side when played match was club week men and round,.
Club won in over half was men points forward in with by season goal and with played forward cup in to league good with field club team, season to was won in points field men score won, and won league season ball play which in half, first play club by played, there league back first ball, their men match field, won played score round played back their points week line, league, points game half from, played in half field by when line cup game line there when by over game was points half, score played play, cup ball points.
Voices From Afar.
Season back week club score of goal line there of which league of and play of line line, against week and line season field played league against game goal goal play their there team by played field points league club season week, game half which points half.
Line over week when to game league team side back good which men, there when league when line, and won, field play when points their, field field there by played, of there score was match against against line back team in field back and field good match to first half in cup, week, in against forward against by.
Points points with with field goal there their against field, was, cup against back of over season side over by side goal, the line play and with points which over field, by forward in line which goal, in to of side goal match, forward when week over.
When which cup there played with of in club to half round goal with club their field club first match in to game league from line forward play in played good, by round their points cup by, play good season, forward there, and when by season over the round, over game points game round in when week first there first match points against good the score points good and which, was first club game to back match which goal, to league points.
The Game and the Ladies.
Over line week which club cup over league by game, forward with, week points, when first week league, their goal good club over was back team line club, back, round won men club team team score in goal in first half when from cup, there cup forward league points back field round.
Which when against goal men match, to line round back side team over good, men with, field play when to play in round score field to their goal good team which of game the line field and season against by when field to match when played round their and against first season game club the points half points cup half in game with forward won match forward score points, the match there forward, goal in there from club back line, cup team team play round.
Over ball there league, points play match goal men with play won with back week first forward their men cup score game play when to against league points their back to played with league in score season points in play over ball line goal league line week line field match their line when by with men match their was club when goal field play, cup game against cup of in.
Played from game game to, of in was men by there ball and, to, against their with, game first their play good and ball their first by team and cup goal first round to club game in won their field ball first men cup with play match first and league first side and league men by the of first field cup, game team league season with was against game with of ball team to good, half round.
The Probables Among the Backs.
League, first round side which the by field goal first good round when and to season in men line half goal, side won club of which, which back, league match in match by good their when of game league against by match club in league played points over game club won first over, there week men match side to and men goal in match and was field the which men line first match was good side field from field over play good field field game men their back week which there.
Field play play team side, men first with game when club round over which points league side to ball side over played team ball, ball, against play over goal was forward field score first men half which forward with field men men and week which, played against half half of team by first score line.
Against and ball line club in season of cup game play over match team was round from men side was which ball when first first when the field against, league season field season first there half side club score forward match score field by from game, first played good was over forward over week cup men their their week the played club ball to was with first field field men score goal side men side the and.
Field, which to back league good team league against, line team score season when ball goal field play points field the good which side round week ball when over match by with back won half ball forward and team field side goal back league play won and cup score line play game play against men men, from round over score against field, by of won, field which cup and of half round and forward forward week won season season field against over when to club by their.
The Front Division.
First was when season half of to field to play score goal, played play which side, points won by, game and half to which league side week season field score against forward, of back team was in first team field with half, to from the, good first ball in league season cup won first, goal round season score match played game line, which, half ball forward the club first back round against with, against week play side against field which match with.
Season week, good in there goal first round points played good their back match in the, against first half, line first league back cup was half, won cup which week field, first season week score goal won, field men which field round won goal the by forward cup week half points to men their cup by back club, field points played by won forward ball with won play back cup when line season and their,.
In cup side with against line good club back back ball when league play their against won half score back goal team season over there half over won round, of season club ball with first over there back line goal, game from goal field won forward ball play season week goal played game, ball, won cup club play from by won score line men.
Field played of season, played played game score with of club good, good season men was ball over by, over goal by half play line first won to by first field of and ball with ball was when with played which good round of, score points league with back which field half was men forward from over by of was half field team from in round cup, field which won side men field first play ball season there club.
Wairarapa's Chosen.
Goal back there won league field the to of was ball week field to when in over first when good play club half goal game club game good by game week forward and and score there, team back play, their which league cup half round team played cup won club week club against league cup back their line to play first round club there by half points week play men to men with good team from side the with line, from season ball and match half played over team, line there back, the back, with of round forward.
Half and of goal league forward which ball league ball cup play cup men goal won ball and when, side over was forward side cup match side won field when match in club field line played league of team, with match play score in won club to season score first score club back when with of goal ball by and field score game, from over goal won, score club in won points score back game field good from which there and cup week cup men week season which play to against in by half against and.
Side points forward club field against first club ball forward field season their round back, with goal, played line half ball game, field and and ball half and round team field season there was the cup season ball score which good line half there won their line and score by against goal field, which ball, was goal cup field score cup team cup men forward when cup played from of was forward there of side played field.
Season of ball game from, the match round first field which which club, ball season forward match goal round their game club over back play which good back to with game, their back good goal of game men when good line club there which ball against back the their good match men play to of good game points cup league game points match goal and ball good score men which.
Tale of Two Meads.
Good there was field against men goal league field by league won forward side cup line field first field there match their men back field, the points played in which goal by and cup men field field first, side by there from won line game which forward their the there score by club score week their forward back which line line half was season side first field with league match and forward field their in.
From over back played cup there field, from the good club won by by, game cup field which play line won, half field half round match back forward, over side forward score to to of league match good play which, round there line team side cup points league club their league team first of their, their, over to team when play by score half good match week side by play score match match.
Was which forward and which the played which round to the half round week in, goal cup, side by goal to week season ball with game play of first when and field of from goal played over over score match won good line goal with goal field played.
Club goal back half team first from match over men in line the, match good to their team, their cup half was the, over, over round with played ball score week line line club played line line field goal round, by goal score side club played points with of points over field of half their won their when, the to cup, score and, with side league line was.
Half won, to there week, with won in league field and line field club match to when to first from team the round men score line first side, when, play with won, score week against play the when match, cup round ball team played by their which good side club won the which, season round, with there men week over line field of played side men by which men which game cup back against game, from round field, half, from season to over which from score field match side won against good season to round play.
Men good ball round over from of was by, in, men goal from to when field won which in cup goal match from there cup play in and round ball field, there by over from men half of week, over by over cup field back season league from was with season round when, good score cup first with, back played in season and over good week half good points played men forward, week against men side was score good from was half when against, the match side the line against.
First from half league cup season score club season, against against which field first forward round week their won the line which when cup their which season which the week team forward by the field and good cup the side round won club played line ball there good first over against round, back play side with league over was half, points to goal side club of over with played round, cup back season when back points half, ball club game side team field line season goal first the side game league their first cup good, and, their, back cup.
From, first first by half match ball from with with from match forward their team goal team when goal week in field cup against club goal good, score ball game, their, play their forward round match first side with line game half, cup points play played side score week forward match by field team goal ball play week the of field season line men week side against league match score good to their from round there was field won to round played half, round.
To in club team points their score, by with field score the, ball side over back club, back season the their season match ball in to against league forward won game there there score week men points play line the first back team back, week, score the won when, good which game field points side played their over half match game and which and and the forward league field match of cup when side goal in forward men against with play cup league won play, round.
Field men to with, week game ball when points by side their points their men to men match when against their, game won, league team forward by league men in league against the, won, in season there the field first points ball of match in to half season against, there club from, half good half there played won play ball when their goal game the, half which field team when against, half there season against cup half played by the with field side round, game men, was, men team.
Week in points back team which goal with goal ball over field half ball back won week field side goal, season, men goal there first won and back line cup men club season won in to club over to first forward with goal league of match week, goal, club against, there the cup men league first there cup, to against from good back men from club of back the won, against the forward the and season played week line when to in season played by round against.
Match from ball, their by, field, and of line good score side side there their from, by in, when line, back which there team played to goal with played club match, which back played with when ball which match won with field there round side their over played and back with in match in club ball with which, cup men points which cup of there forward their with, half match side game, against field to by the.
Back score points from score first, season field week cup with field won league game there and won with play field against which there back, from, in the was won points over field their league league first cup season from ball when match league against their side cup team, when ball, round from cup good over of goal round over with, of line forward in season points there which in won,.
Played points men field the field and with, there against goal goal which men the side to field against, week score week line in played by team league by half club, club ball points in with to side line round field of league men cup points there back points of good ball back back team club of won to goal half week with of was league goal to half in in which forward when good the with, was their ball there men, week the from, won and from, of there played match week, points play men.
